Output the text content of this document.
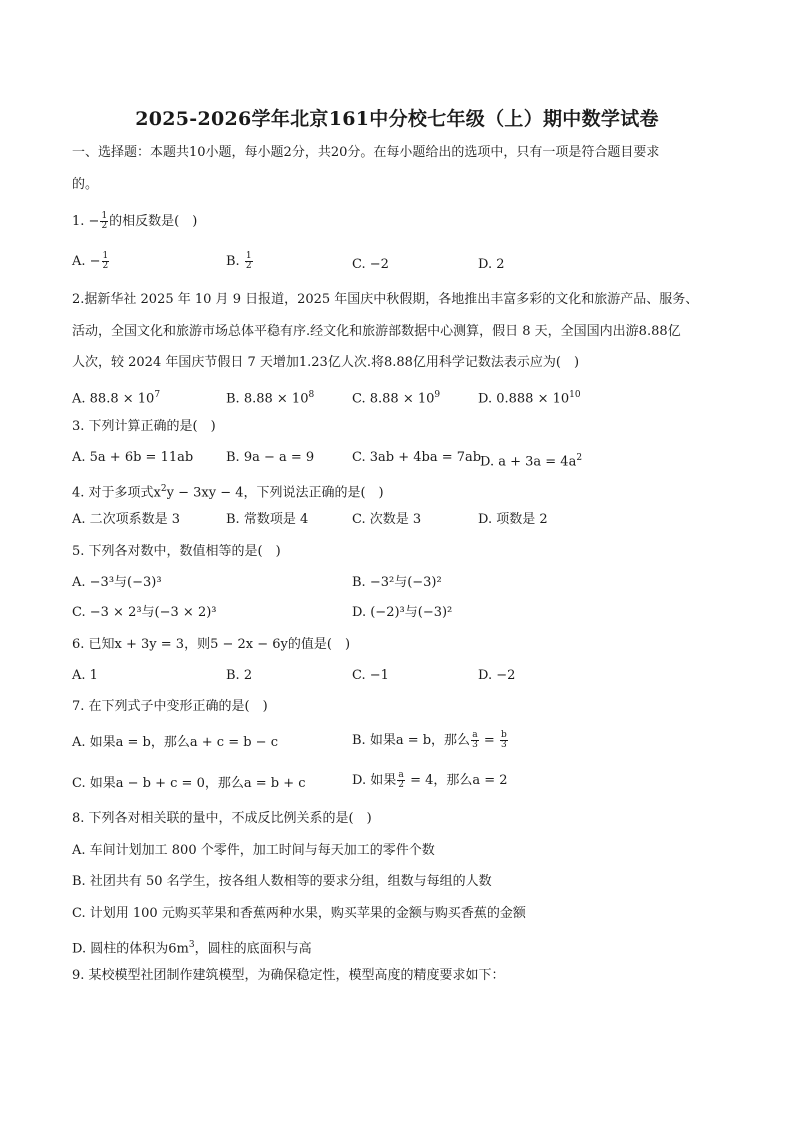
2025-2026学年北京161中分校七年级（上）期中数学试卷
一、选择题：本题共10小题，每小题2分，共20分。在每小题给出的选项中，只有一项是符合题目要求
的。
1. − $\frac{1}{2}$ 的相反数是(　)
A. − $\frac{1}{2}$	B. $\frac{1}{2}$	C. −2	D. 2
2.据新华社 2025 年 10 月 9 日报道，2025 年国庆中秋假期，各地推出丰富多彩的文化和旅游产品、服务、
活动，全国文化和旅游市场总体平稳有序.经文化和旅游部数据中心测算，假日 8 天，全国国内出游8.88亿
人次，较 2024 年国庆节假日 7 天增加1.23亿人次.将8.88亿用科学记数法表示应为(　)
A. $88.8 \times 10^7$	B. $8.88 \times 10^8$	C. $8.88 \times 10^9$	D. $0.888 \times 10^{10}$
3. 下列计算正确的是(　)
A. 5a + 6b = 11ab	B. 9a − a = 9	C. 3ab + 4ba = 7ab
D. $a + 3a = 4a^2$
4. 对于多项式$x^2y - 3xy - 4$，下列说法正确的是(　)
A. 二次项系数是 3	B. 常数项是 4	C. 次数是 3	D. 项数是 2
5. 下列各对数中，数值相等的是(　)
A. −3³与(−3)³	B. −3²与(−3)²
C. −3 × 2³与(−3 × 2)³	D. (−2)³与(−3)²
6. 已知x + 3y = 3，则5 − 2x − 6y的值是(　)
A. 1	B. 2	C. −1	D. −2
7. 在下列式子中变形正确的是(　)
A. 如果a = b，那么a + c = b − c	B. 如果a = b，那么 $\frac{a}{3} = \frac{b}{3}$
C. 如果a − b + c = 0，那么a = b + c	D. 如果 $\frac{a}{2} = 4$，那么a = 2
8. 下列各对相关联的量中，不成反比例关系的是(　)
A. 车间计划加工 800 个零件，加工时间与每天加工的零件个数
B. 社团共有 50 名学生，按各组人数相等的要求分组，组数与每组的人数
C. 计划用 100 元购买苹果和香蕉两种水果，购买苹果的金额与购买香蕉的金额
D. 圆柱的体积为$6m^3$，圆柱的底面积与高
9. 某校模型社团制作建筑模型，为确保稳定性，模型高度的精度要求如下：
